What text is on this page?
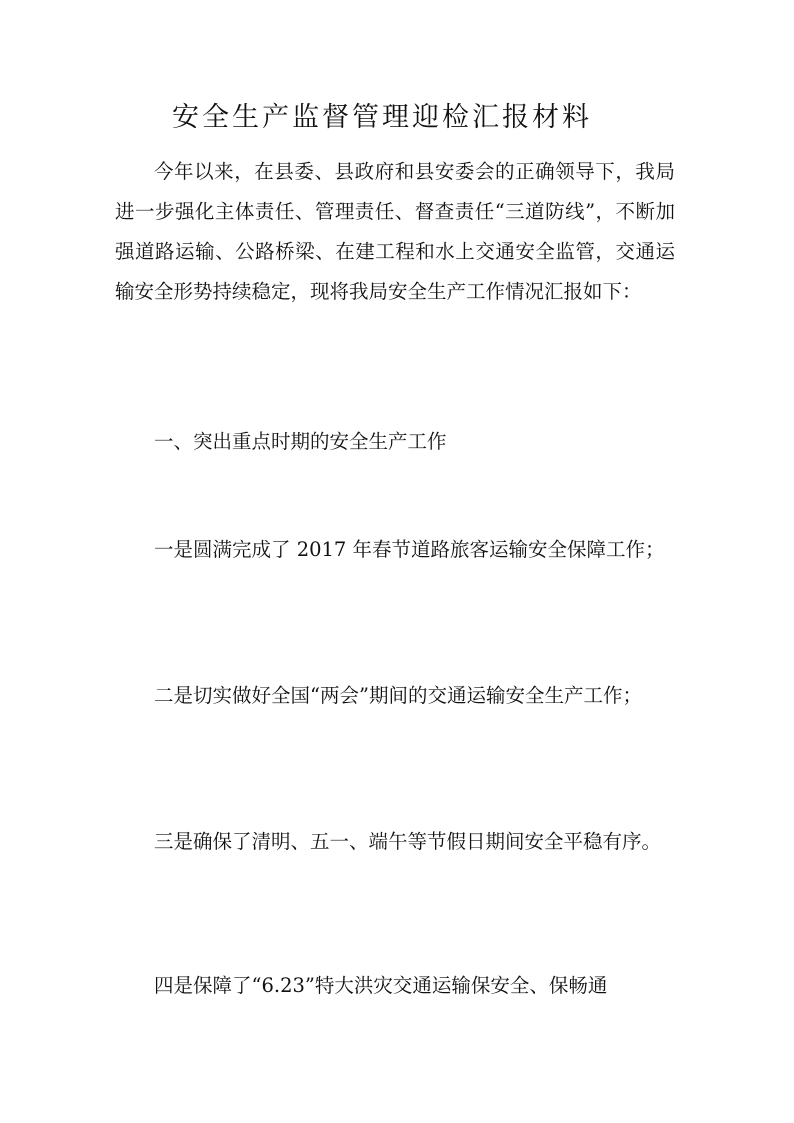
安全生产监督管理迎检汇报材料

今年以来，在县委、县政府和县安委会的正确领导下，我局进一步强化主体责任、管理责任、督查责任“三道防线”，不断加强道路运输、公路桥梁、在建工程和水上交通安全监管，交通运输安全形势持续稳定，现将我局安全生产工作情况汇报如下：

一、突出重点时期的安全生产工作

一是圆满完成了 2017 年春节道路旅客运输安全保障工作；

二是切实做好全国“两会”期间的交通运输安全生产工作；

三是确保了清明、五一、端午等节假日期间安全平稳有序。

四是保障了“6.23”特大洪灾交通运输保安全、保畅通
